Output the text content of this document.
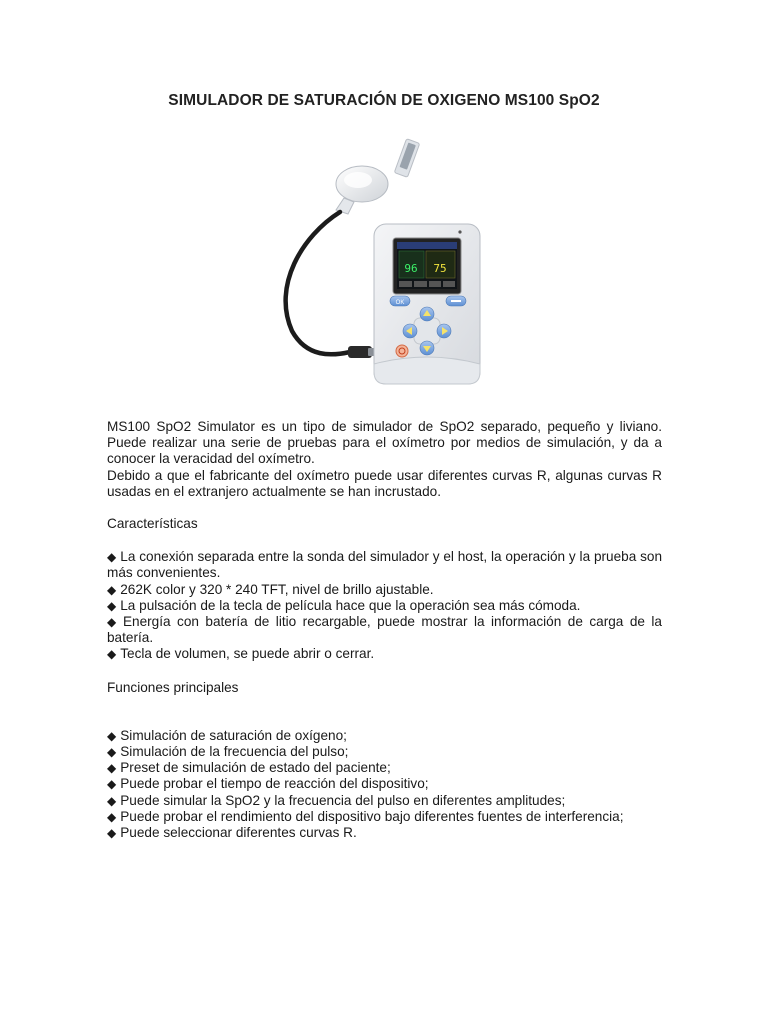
SIMULADOR DE SATURACIÓN DE OXIGENO MS100 SpO2
96 75
OK

MS100 SpO2 Simulator es un tipo de simulador de SpO2 separado, pequeño y liviano. Puede realizar una serie de pruebas para el oxímetro por medios de simulación, y da a conocer la veracidad del oxímetro.

Debido a que el fabricante del oxímetro puede usar diferentes curvas R, algunas curvas R usadas en el extranjero actualmente se han incrustado.

Características

◆ La conexión separada entre la sonda del simulador y el host, la operación y la prueba son más convenientes.

◆ 262K color y 320 * 240 TFT, nivel de brillo ajustable.

◆ La pulsación de la tecla de película hace que la operación sea más cómoda.

◆ Energía con batería de litio recargable, puede mostrar la información de carga de la batería.

◆ Tecla de volumen, se puede abrir o cerrar.

Funciones principales

◆ Simulación de saturación de oxígeno;

◆ Simulación de la frecuencia del pulso;

◆ Preset de simulación de estado del paciente;

◆ Puede probar el tiempo de reacción del dispositivo;

◆ Puede simular la SpO2 y la frecuencia del pulso en diferentes amplitudes;

◆ Puede probar el rendimiento del dispositivo bajo diferentes fuentes de interferencia;

◆ Puede seleccionar diferentes curvas R.
